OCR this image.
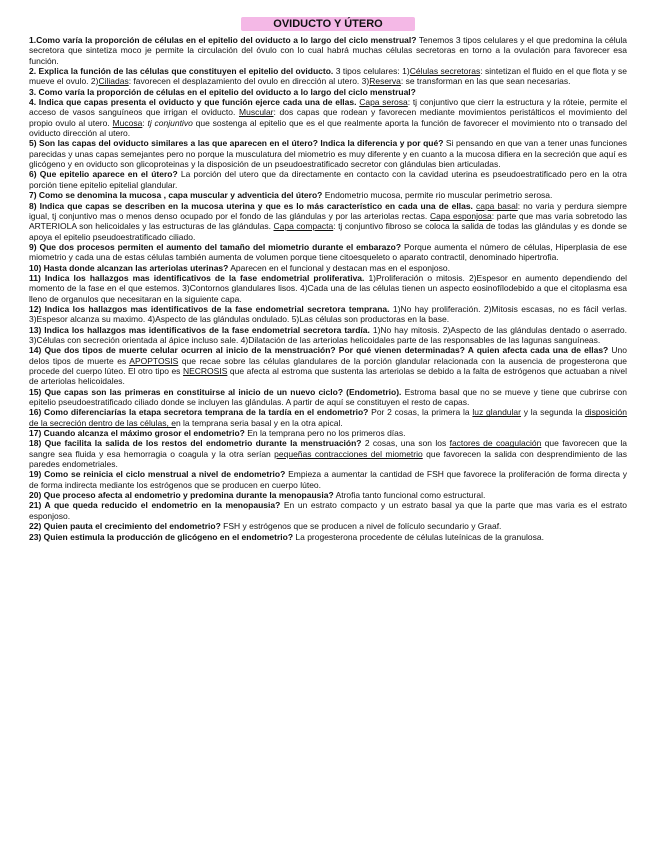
OVIDUCTO Y ÚTERO

1.Como varía la proporción de células en el epitelio del oviducto a lo largo del ciclo menstrual? Tenemos 3 tipos celulares y el que predomina la célula secretora que sintetiza moco je permite la circulación del óvulo con lo cual habrá muchas células secretoras en torno a la ovulación para favorecer esa función.

2. Explica la función de las células que constituyen el epitelio del oviducto. 3 tipos celulares: 1)Células secretoras: sintetizan el fluido en el que flota y se mueve el ovulo. 2)Ciliadas: favorecen el desplazamiento del ovulo en dirección al utero. 3)Reserva: se transforman en las que sean necesarias.

3. Como varía la proporción de células en el epitelio del oviducto a lo largo del ciclo menstrual?

4. Indica que capas presenta el oviducto y que función ejerce cada una de ellas. Capa serosa: tj conjuntivo que cierr la estructura y la róteie, permite el acceso de vasos sanguíneos que irrigan el oviducto. Muscular: dos capas que rodean y favorecen mediante movimientos peristálticos el movimiento del propio ovulo al utero. Mucosa: tj conjuntivo que sostenga al epitelio que es el que realmente aporta la función de favorecer el movimiento nto o transado del oviducto dirección al utero.

5) Son las capas del oviducto similares a las que aparecen en el útero? Indica la diferencia y por qué? Si pensando en que van a tener unas funciones parecidas y unas capas semejantes pero no porque la musculatura del miometrio es muy diferente y en cuanto a la mucosa difiera en la secreción que aquí es glicógeno y en oviducto son glicoproteinas y la disposición de un pseudoestratificado secretor con glándulas bien articuladas.

6) Que epitelio aparece en el útero? La porción del utero que da directamente en contacto con la cavidad uterina es pseudoestratificado pero en la otra porción tiene epitelio epitelial glandular.

7) Como se denomina la mucosa , capa muscular y adventicia del útero? Endometrio mucosa, permite rio muscular perimetrio serosa.

8) Indica que capas se describen en la mucosa uterina y que es lo más característico en cada una de ellas. capa basal: no varia y perdura siempre igual, tj conjuntivo mas o menos denso ocupado por el fondo de las glándulas y por las arteriolas rectas. Capa esponjosa: parte que mas varia sobretodo las ARTERIOLA son helicoidales y las estructuras de las glándulas. Capa compacta: tj conjuntivo fibroso se coloca la salida de todas las glándulas y es donde se apoya el epitelio pseudoestratificado ciliado.

9) Que dos procesos permiten el aumento del tamaño del miometrio durante el embarazo? Porque aumenta el número de células, Hiperplasia de ese miometrio y cada una de estas células también aumenta de volumen porque tiene citoesqueleto o aparato contractil, denominado hipertrofia.

10) Hasta donde alcanzan las arteriolas uterinas? Aparecen en el funcional y destacan mas en el esponjoso.

11) Indica los hallazgos mas identificativos de la fase endometrial proliferativa. 1)Proliferación o mitosis. 2)Espesor en aumento dependiendo del momento de la fase en el que estemos. 3)Contornos glandulares lisos. 4)Cada una de las células tienen un aspecto eosinofílodebido a que el citoplasma esa lleno de organulos que necesitaran en la siguiente capa.

12) Indica los hallazgos mas identificativos de la fase endometrial secretora temprana. 1)No hay proliferación. 2)Mitosis escasas, no es fácil verlas. 3)Espesor alcanza su maximo. 4)Aspecto de las glándulas ondulado. 5)Las células son productoras en la base.

13) Indica los hallazgos mas identificativos de la fase endometrial secretora tardía. 1)No hay mitosis. 2)Aspecto de las glándulas dentado o aserrado. 3)Células con secreción orientada al ápice incluso sale. 4)Dilatación de las arteriolas helicoidales parte de las responsables de las lagunas sanguíneas.

14) Que dos tipos de muerte celular ocurren al inicio de la menstruación? Por qué vienen determinadas? A quien afecta cada una de ellas? Uno delos tipos de muerte es APOPTOSIS que recae sobre las células glandulares de la porción glandular relacionada con la ausencia de progesterona que procede del cuerpo lúteo. El otro tipo es NECROSIS que afecta al estroma que sustenta las arteriolas se debido a la falta de estrógenos que actuaban a nivel de arteriolas helicoidales.

15) Que capas son las primeras en constituirse al inicio de un nuevo ciclo? (Endometrio). Estroma basal que no se mueve y tiene que cubrirse con epitelio pseudoestratificado ciliado donde se incluyen las glándulas. A partir de aquí se constituyen el resto de capas.

16) Como diferenciarías la etapa secretora temprana de la tardía en el endometrio? Por 2 cosas, la primera la luz glandular y la segunda la disposición de la secreción dentro de las células, en la temprana seria basal y en la otra apical.

17) Cuando alcanza el máximo grosor el endometrio? En la temprana pero no los primeros días.

18) Que facilita la salida de los restos del endometrio durante la menstruación? 2 cosas, una son los factores de coagulación que favorecen que la sangre sea fluida y esa hemorragia o coagula y la otra serían pequeñas contracciones del miometrio que favorecen la salida con desprendimiento de las paredes endometriales.

19) Como se reinicia el ciclo menstrual a nivel de endometrio? Empieza a aumentar la cantidad de FSH que favorece la proliferación de forma directa y de forma indirecta mediante los estrógenos que se producen en cuerpo lúteo.

20) Que proceso afecta al endometrio y predomina durante la menopausia? Atrofia tanto funcional como estructural.

21) A que queda reducido el endometrio en la menopausia? En un estrato compacto y un estrato basal ya que la parte que mas varia es el estrato esponjoso.

22) Quien pauta el crecimiento del endometrio? FSH y estrógenos que se producen a nivel de folículo secundario y Graaf.

23) Quien estimula la producción de glicógeno en el endometrio? La progesterona procedente de células luteínicas de la granulosa.
